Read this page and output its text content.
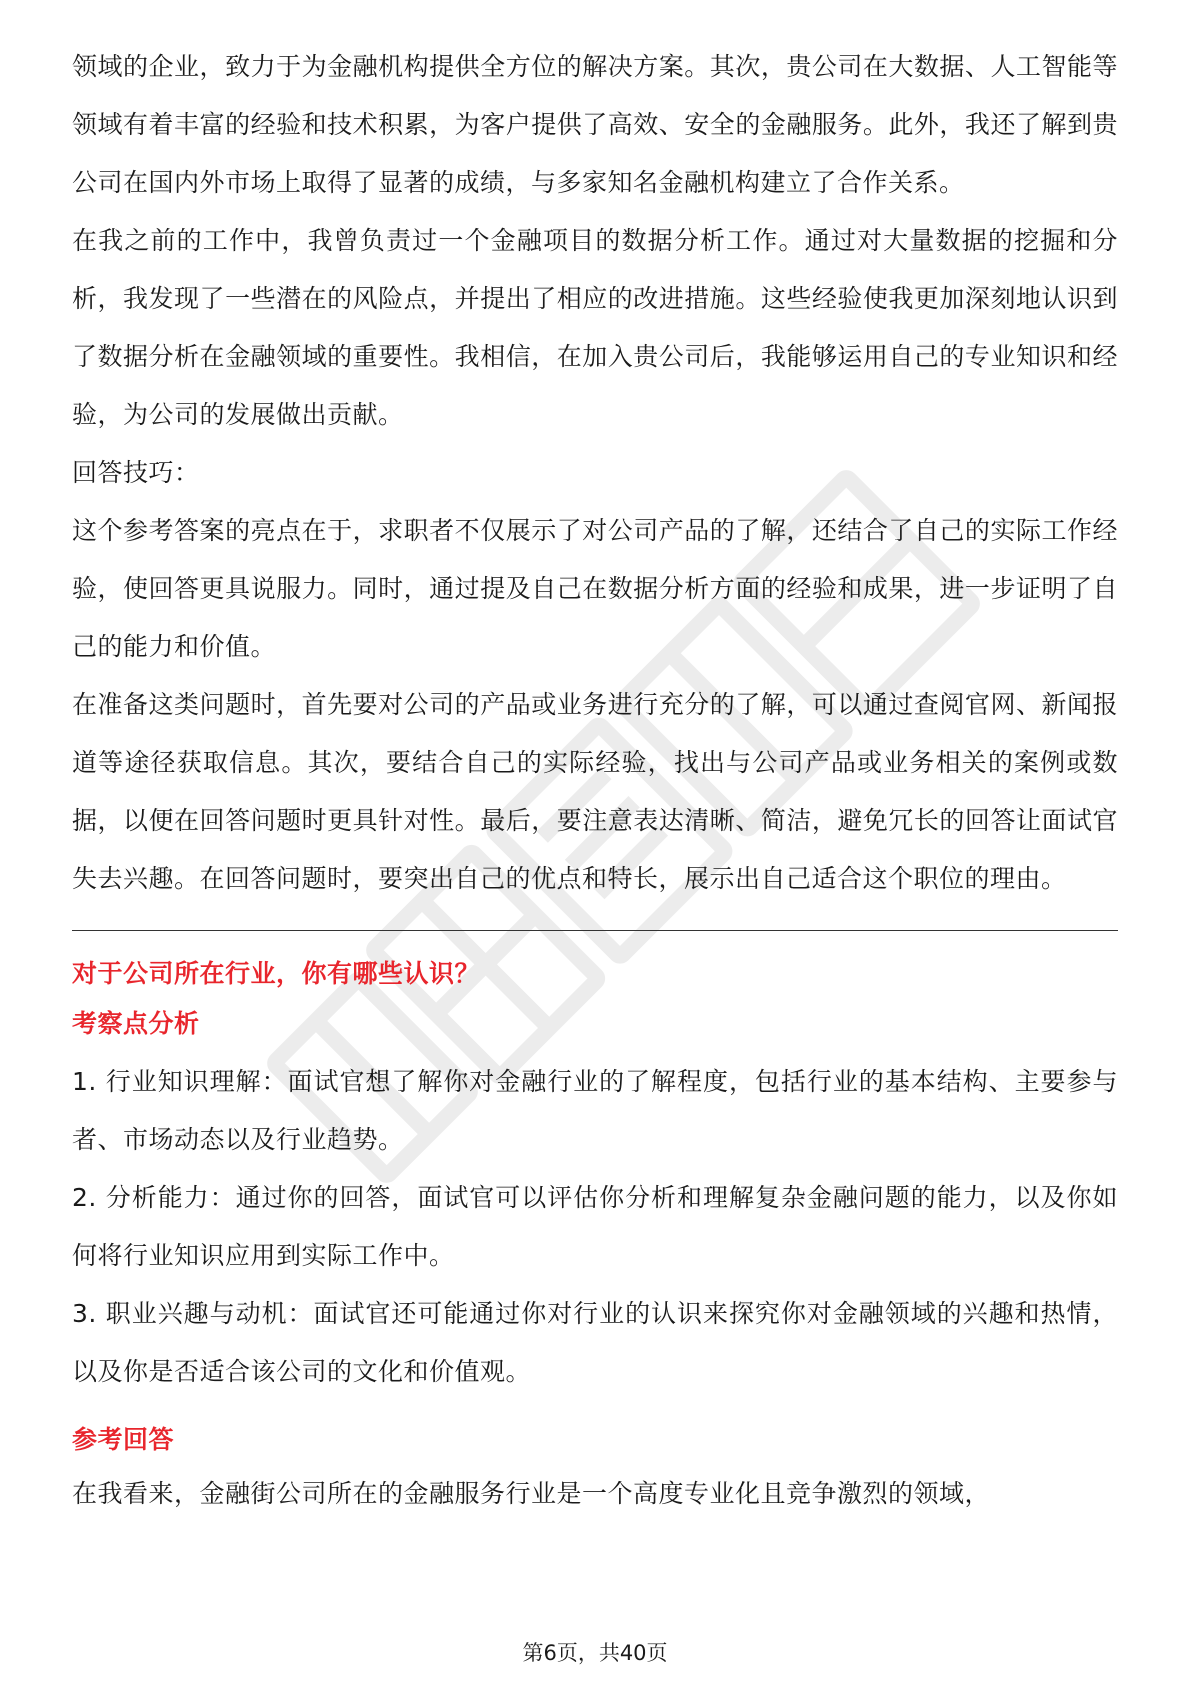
领域的企业，致力于为金融机构提供全方位的解决方案。其次，贵公司在大数据、人工智能等领域有着丰富的经验和技术积累，为客户提供了高效、安全的金融服务。此外，我还了解到贵公司在国内外市场上取得了显著的成绩，与多家知名金融机构建立了合作关系。

在我之前的工作中，我曾负责过一个金融项目的数据分析工作。通过对大量数据的挖掘和分析，我发现了一些潜在的风险点，并提出了相应的改进措施。这些经验使我更加深刻地认识到了数据分析在金融领域的重要性。我相信，在加入贵公司后，我能够运用自己的专业知识和经验，为公司的发展做出贡献。

回答技巧：

这个参考答案的亮点在于，求职者不仅展示了对公司产品的了解，还结合了自己的实际工作经验，使回答更具说服力。同时，通过提及自己在数据分析方面的经验和成果，进一步证明了自己的能力和价值。

在准备这类问题时，首先要对公司的产品或业务进行充分的了解，可以通过查阅官网、新闻报道等途径获取信息。其次，要结合自己的实际经验，找出与公司产品或业务相关的案例或数据，以便在回答问题时更具针对性。最后，要注意表达清晰、简洁，避免冗长的回答让面试官失去兴趣。在回答问题时，要突出自己的优点和特长，展示出自己适合这个职位的理由。

对于公司所在行业，你有哪些认识？

考察点分析

1. 行业知识理解：面试官想了解你对金融行业的了解程度，包括行业的基本结构、主要参与者、市场动态以及行业趋势。

2. 分析能力：通过你的回答，面试官可以评估你分析和理解复杂金融问题的能力，以及你如何将行业知识应用到实际工作中。

3. 职业兴趣与动机：面试官还可能通过你对行业的认识来探究你对金融领域的兴趣和热情，以及你是否适合该公司的文化和价值观。

参考回答

在我看来，金融街公司所在的金融服务行业是一个高度专业化且竞争激烈的领域，

第6页，共40页
